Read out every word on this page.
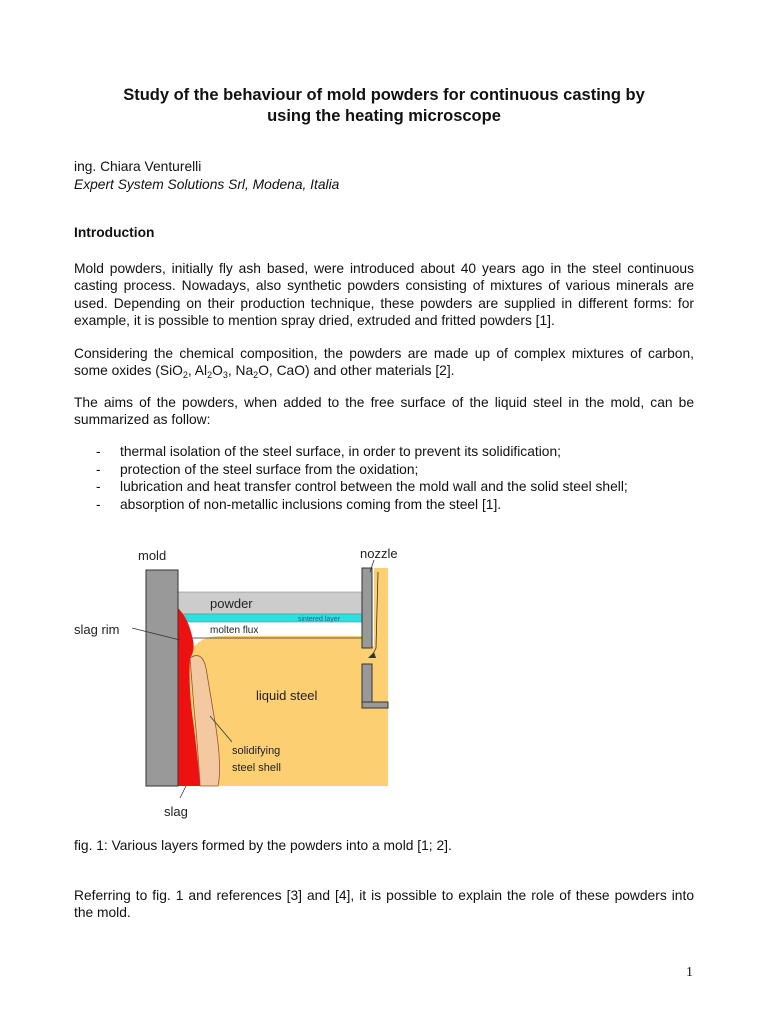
Study of the behaviour of mold powders for continuous casting by
using the heating microscope
ing. Chiara Venturelli
Expert System Solutions Srl, Modena, Italia
Introduction
Mold powders, initially fly ash based, were introduced about 40 years ago in the steel continuous casting process. Nowadays, also synthetic powders consisting of mixtures of various minerals are used. Depending on their production technique, these powders are supplied in different forms: for example, it is possible to mention spray dried, extruded and fritted powders [1].
Considering the chemical composition, the powders are made up of complex mixtures of carbon, some oxides (SiO$_2$, $Al_2O_3$, $Na_2O$, CaO) and other materials [2].
The aims of the powders, when added to the free surface of the liquid steel in the mold, can be summarized as follow:
- thermal isolation of the steel surface, in order to prevent its solidification;
- protection of the steel surface from the oxidation;
- lubrication and heat transfer control between the mold wall and the solid steel shell;
- absorption of non-metallic inclusions coming from the steel [1].
mold	nozzle
powder
sintered layer
molten flux
slag rim
liquid steel
solidifying
steel shell
slag
fig. 1: Various layers formed by the powders into a mold [1; 2].
Referring to fig. 1 and references [3] and [4], it is possible to explain the role of these powders into the mold.
1
